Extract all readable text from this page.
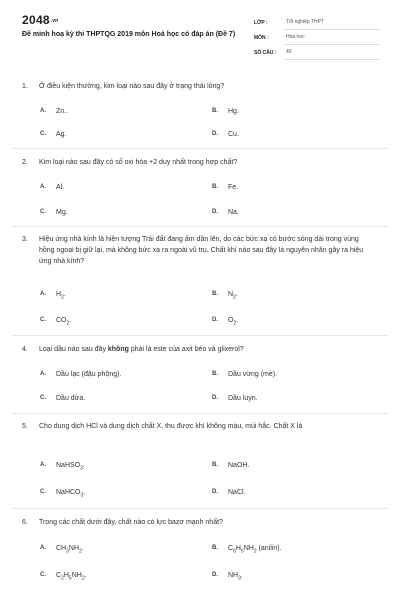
$2048_{.vn}$
Đề minh hoạ kỳ thi THPTQG 2019 môn Hoá học có đáp án (Đề 7)
LỚP :	Tốt nghiệp THPT
MÔN :	Hóa học
SỐ CÂU :	40
1.	Ở điều kiện thường, kim loại nào sau đây ở trạng thái lỏng?
A.	Zn..	B.	Hg.
C.	Ag.	D.	Cu.
2.	Kim loại nào sau đây có số oxi hóa +2 duy nhất trong hợp chất?
A.	Al.	B.	Fe.
C.	Mg.	D.	Na.
3.	Hiệu ứng nhà kính là hiện tượng Trái đất đang ấm dần lên, do các bức xạ có bước sóng dài trong vùng hồng ngoại bị giữ lại, mà không bức xạ ra ngoài vũ trụ. Chất khí nào sau đây là nguyên nhân gây ra hiệu ứng nhà kính?
A.	$H_2$.	B.	$N_2$.
C.	$CO_2$.	D.	$O_2$.
4.	Loại dầu nào sau đây không phải là este của axit béo và glixerol?
A.	Dầu lạc (đậu phộng).	B.	Dầu vừng (mè).
C.	Dầu dừa.	D.	Dầu luyn.
5.	Cho dung dịch HCl và dung dịch chất X, thu được khí không màu, mùi hắc. Chất X là
A.	NaHSO$_3$.	B.	NaOH.
C.	NaHCO$_3$.	D.	NaCl.
6.	Trong các chất dưới đây, chất nào có lực bazơ mạnh nhất?
A.	$CH_3NH_2$.	B.	$C_6H_5NH_2$ (anilin).
C.	$C_2H_5NH_2$.	D.	$NH_3$.
